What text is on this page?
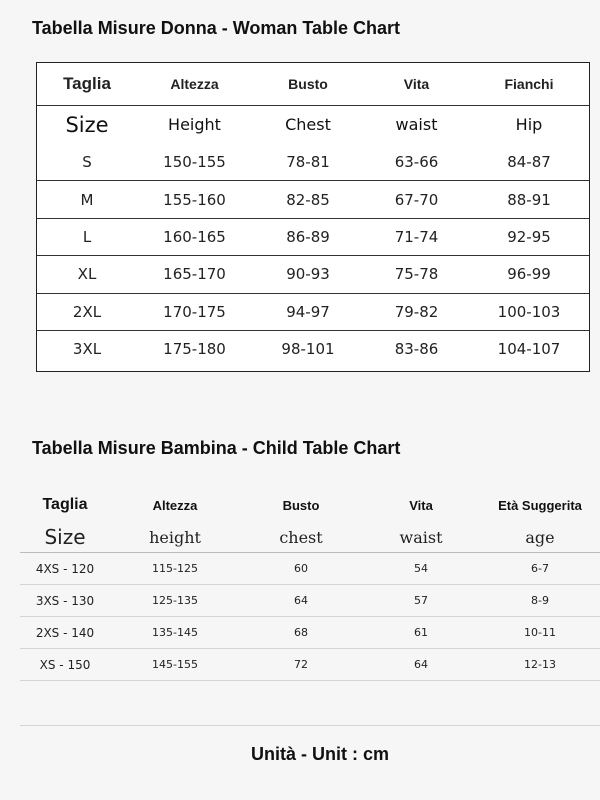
Tabella Misure Donna - Woman Table Chart
Taglia	Altezza	Busto	Vita	Fianchi
Size	Height	Chest	waist	Hip
S	150-155	78-81	63-66	84-87
M	155-160	82-85	67-70	88-91
L	160-165	86-89	71-74	92-95
XL	165-170	90-93	75-78	96-99
2XL	170-175	94-97	79-82	100-103
3XL	175-180	98-101	83-86	104-107
Tabella Misure Bambina - Child Table Chart
Taglia	Altezza	Busto	Vita	Età Suggerita
Size	height	chest	waist	age
4XS - 120	115-125	60	54	6-7
3XS - 130	125-135	64	57	8-9
2XS - 140	135-145	68	61	10-11
XS - 150	145-155	72	64	12-13

Unità - Unit : cm
